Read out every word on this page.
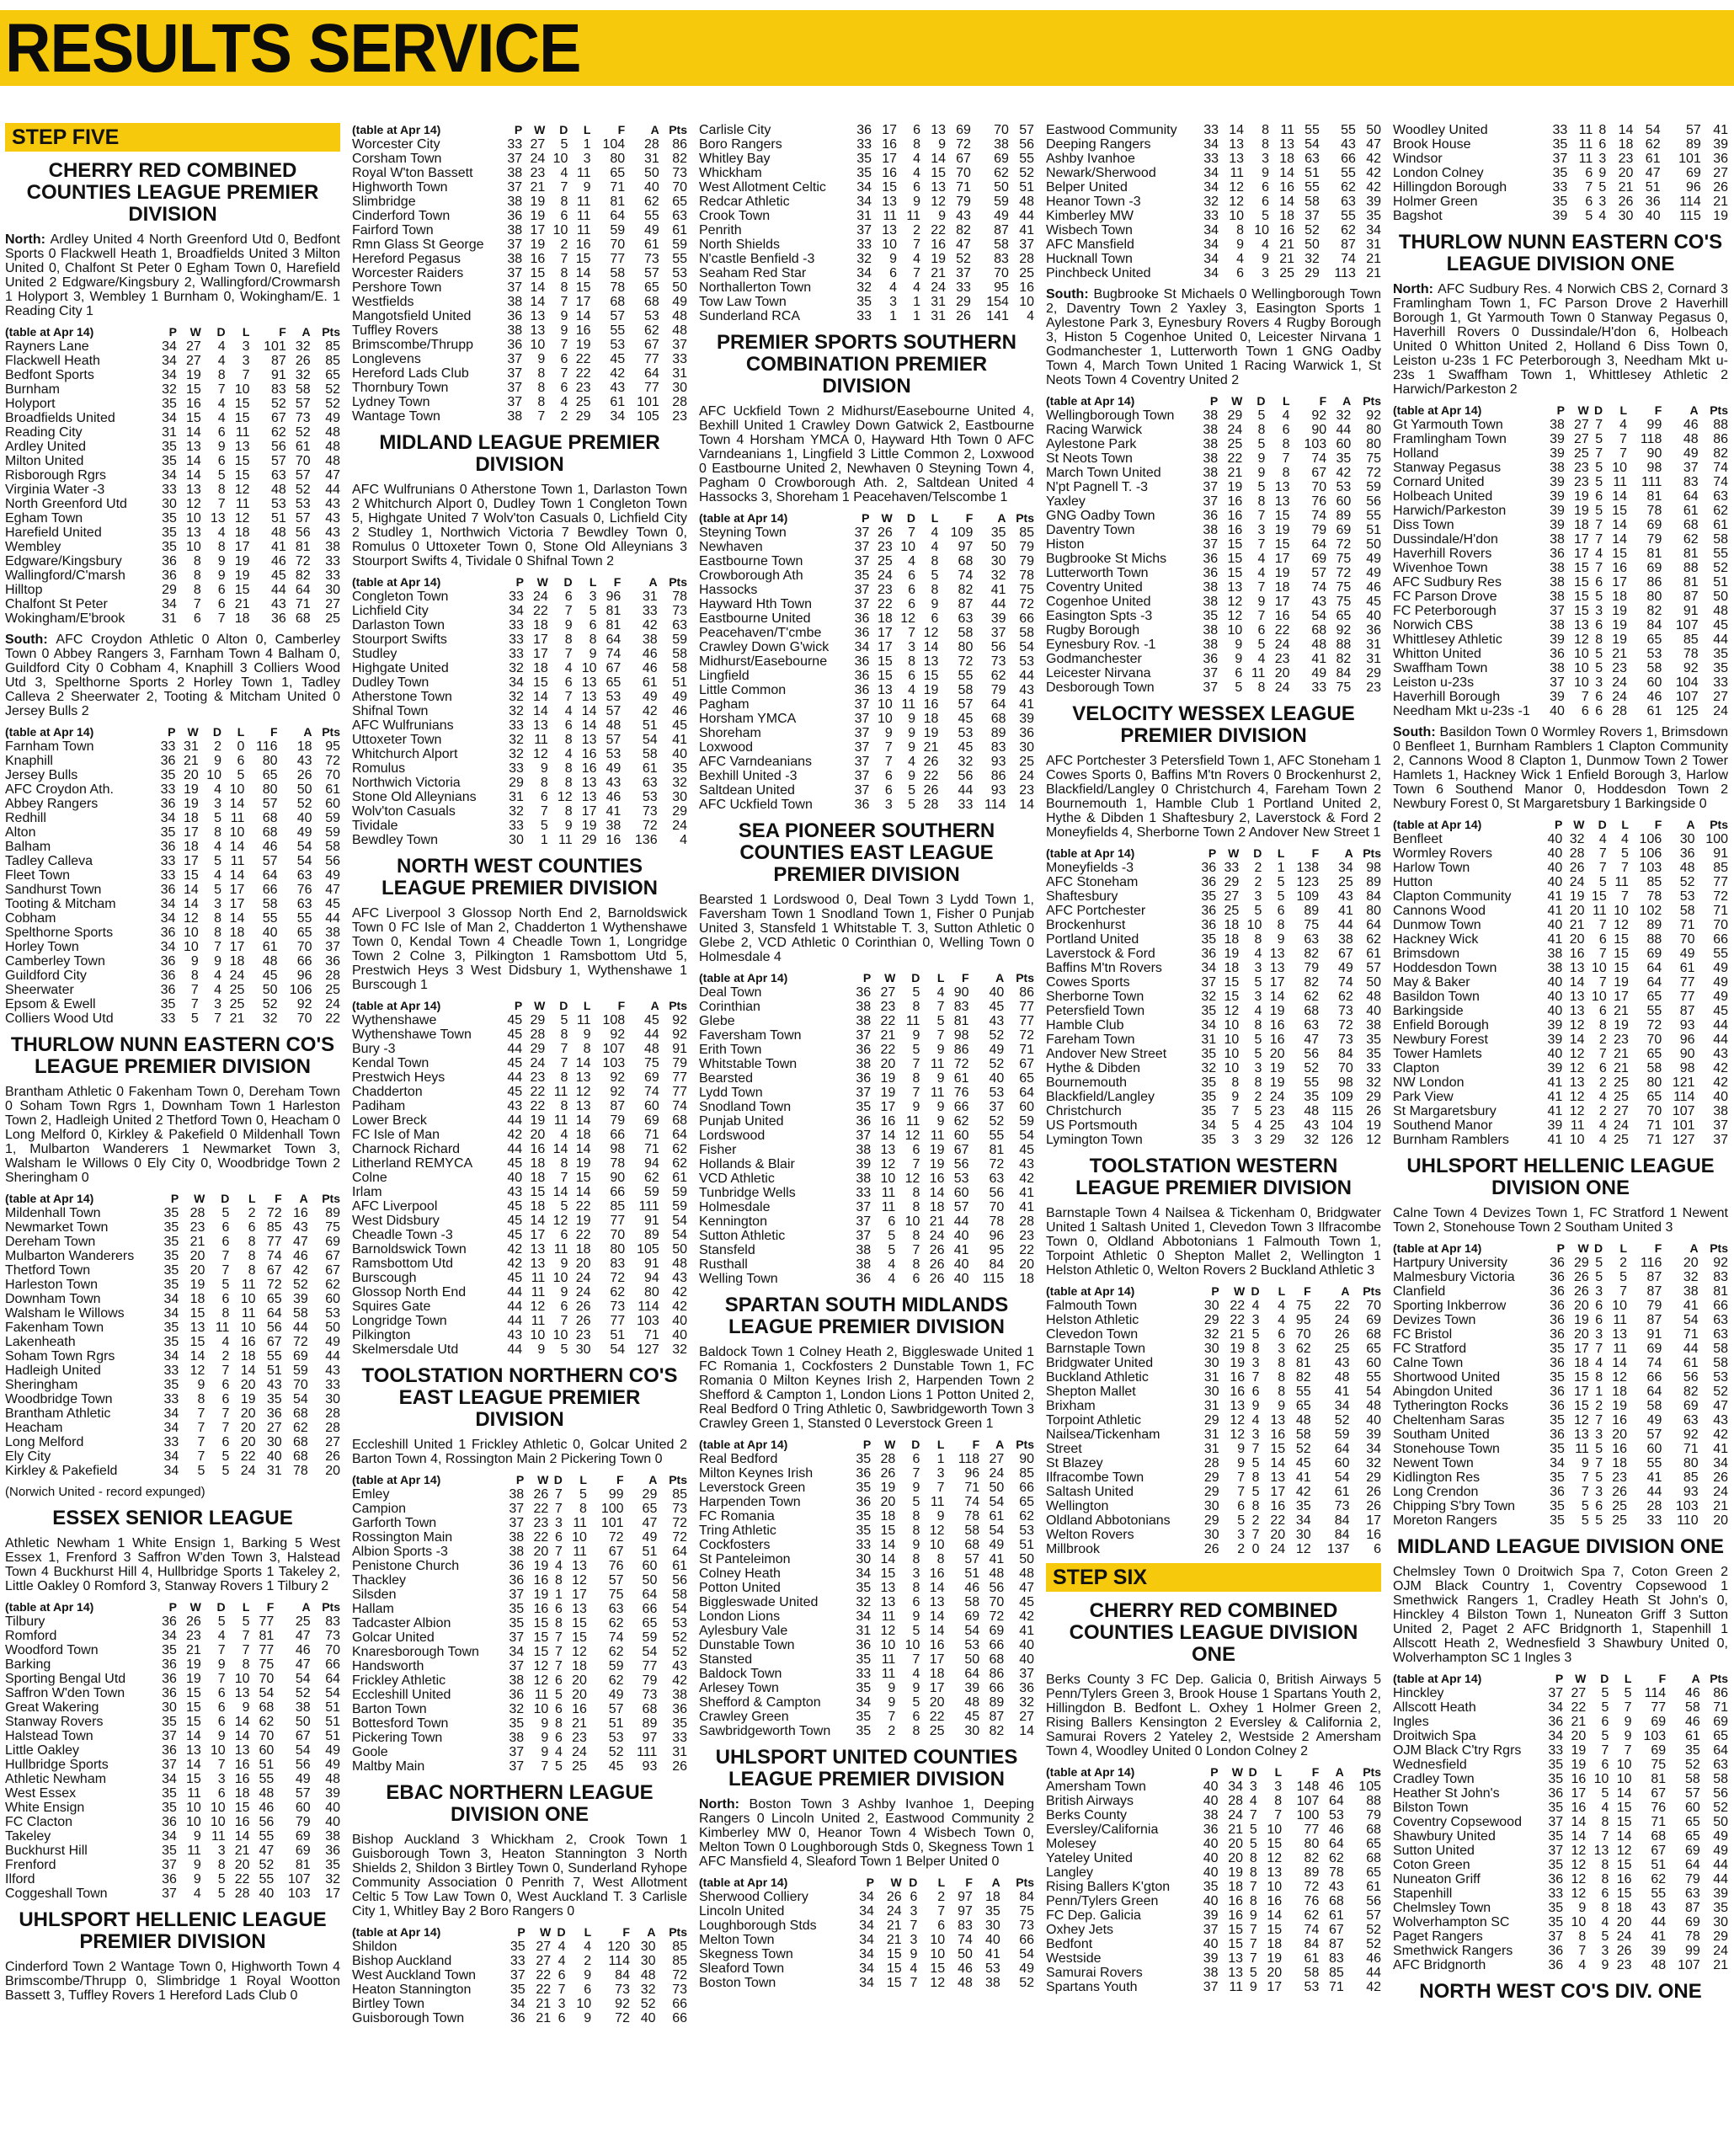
RESULTS SERVICE
STEP FIVE
CHERRY RED COMBINED COUNTIES LEAGUE PREMIER DIVISION
North: Ardley United 4 North Greenford Utd 0, Bedfont Sports 0 Flackwell Heath 1, Broadfields United 3 Milton United 0, Chalfont St Peter 0 Egham Town 0, Harefield United 2 Edgware/Kingsbury 2, Wallingford/Crowmarsh 1 Holyport 3, Wembley 1 Burnham 0, Wokingham/E. 1 Reading City 1
(table at Apr 14)	P	W	D	L	F	A	Pts
Rayners Lane	34	27	4	3	101	32	85
Flackwell Heath	34	27	4	3	87	26	85
Bedfont Sports	34	19	8	7	91	32	65
Burnham	32	15	7	10	83	58	52
Holyport	35	16	4	15	52	57	52
Broadfields United	34	15	4	15	67	73	49
Reading City	31	14	6	11	62	52	48
Ardley United	35	13	9	13	56	61	48
Milton United	35	14	6	15	57	70	48
Risborough Rgrs	34	14	5	15	63	57	47
Virginia Water -3	33	13	8	12	48	52	44
North Greenford Utd	30	12	7	11	53	53	43
Egham Town	35	10	13	12	51	57	43
Harefield United	35	13	4	18	48	56	43
Wembley	35	10	8	17	41	81	38
Edgware/Kingsbury	36	8	9	19	46	72	33
Wallingford/C'marsh	36	8	9	19	45	82	33
Hilltop	29	8	6	15	44	64	30
Chalfont St Peter	34	7	6	21	43	71	27
Wokingham/E'brook	31	6	7	18	36	68	25
South: AFC Croydon Athletic 0 Alton 0, Camberley Town 0 Abbey Rangers 3, Farnham Town 4 Balham 0, Guildford City 0 Cobham 4, Knaphill 3 Colliers Wood Utd 3, Spelthorne Sports 2 Horley Town 1, Tadley Calleva 2 Sheerwater 2, Tooting & Mitcham United 0 Jersey Bulls 2
(table at Apr 14)	P	W	D	L	F	A	Pts
Farnham Town	33	31	2	0	116	18	95
Knaphill	36	21	9	6	80	43	72
Jersey Bulls	35	20	10	5	65	26	70
AFC Croydon Ath.	33	19	4	10	80	50	61
Abbey Rangers	36	19	3	14	57	52	60
Redhill	34	18	5	11	68	40	59
Alton	35	17	8	10	68	49	59
Balham	36	18	4	14	46	54	58
Tadley Calleva	33	17	5	11	57	54	56
Fleet Town	33	15	4	14	64	63	49
Sandhurst Town	36	14	5	17	66	76	47
Tooting & Mitcham	34	14	3	17	58	63	45
Cobham	34	12	8	14	55	55	44
Spelthorne Sports	36	10	8	18	40	65	38
Horley Town	34	10	7	17	61	70	37
Camberley Town	36	9	9	18	48	66	36
Guildford City	36	8	4	24	45	96	28
Sheerwater	36	7	4	25	50	106	25
Epsom & Ewell	35	7	3	25	52	92	24
Colliers Wood Utd	33	5	7	21	32	70	22
THURLOW NUNN EASTERN CO'S LEAGUE PREMIER DIVISION
Brantham Athletic 0 Fakenham Town 0, Dereham Town 0 Soham Town Rgrs 1, Downham Town 1 Harleston Town 2, Hadleigh United 2 Thetford Town 0, Heacham 0 Long Melford 0, Kirkley & Pakefield 0 Mildenhall Town 1, Mulbarton Wanderers 1 Newmarket Town 3, Walsham le Willows 0 Ely City 0, Woodbridge Town 2 Sheringham 0
(table at Apr 14)	P	W	D	L	F	A	Pts
Mildenhall Town	35	28	5	2	72	16	89
Newmarket Town	35	23	6	6	85	43	75
Dereham Town	35	21	6	8	77	47	69
Mulbarton Wanderers	35	20	7	8	74	46	67
Thetford Town	35	20	7	8	67	42	67
Harleston Town	35	19	5	11	72	52	62
Downham Town	34	18	6	10	65	39	60
Walsham le Willows	34	15	8	11	64	58	53
Fakenham Town	35	13	11	10	56	44	50
Lakenheath	35	15	4	16	67	72	49
Soham Town Rgrs	34	14	2	18	55	69	44
Hadleigh United	33	12	7	14	51	59	43
Sheringham	35	9	6	20	43	70	33
Woodbridge Town	33	8	6	19	35	54	30
Brantham Athletic	34	7	7	20	36	68	28
Heacham	34	7	7	20	27	62	28
Long Melford	33	7	6	20	30	68	27
Ely City	34	7	5	22	40	68	26
Kirkley & Pakefield	34	5	5	24	31	78	20
(Norwich United - record expunged)
ESSEX SENIOR LEAGUE
Athletic Newham 1 White Ensign 1, Barking 5 West Essex 1, Frenford 3 Saffron W'den Town 3, Halstead Town 4 Buckhurst Hill 4, Hullbridge Sports 1 Takeley 2, Little Oakley 0 Romford 3, Stanway Rovers 1 Tilbury 2
(table at Apr 14)	P	W	D	L	F	A	Pts
Tilbury	36	26	5	5	77	25	83
Romford	34	23	4	7	81	47	73
Woodford Town	35	21	7	7	77	46	70
Barking	36	19	9	8	75	47	66
Sporting Bengal Utd	36	19	7	10	70	54	64
Saffron W'den Town	36	15	6	13	54	52	54
Great Wakering	30	15	6	9	68	38	51
Stanway Rovers	35	15	6	14	62	50	51
Halstead Town	37	14	9	14	70	67	51
Little Oakley	36	13	10	13	60	54	49
Hullbridge Sports	37	14	7	16	51	56	49
Athletic Newham	34	15	3	16	55	49	48
West Essex	35	11	6	18	48	57	39
White Ensign	35	10	10	15	46	60	40
FC Clacton	36	10	10	16	56	79	40
Takeley	34	9	11	14	55	69	38
Buckhurst Hill	35	11	3	21	47	69	36
Frenford	37	9	8	20	52	81	35
Ilford	36	9	5	22	55	107	32
Coggeshall Town	37	4	5	28	40	103	17
UHLSPORT HELLENIC LEAGUE PREMIER DIVISION
Cinderford Town 2 Wantage Town 0, Highworth Town 4 Brimscombe/Thrupp 0, Slimbridge 1 Royal Wootton Bassett 3, Tuffley Rovers 1 Hereford Lads Club 0
(table at Apr 14)	P	W	D	L	F	A	Pts
Worcester City	33	27	5	1	104	28	86
Corsham Town	37	24	10	3	80	31	82
Royal W'ton Bassett	38	23	4	11	65	50	73
Highworth Town	37	21	7	9	71	40	70
Slimbridge	38	19	8	11	81	62	65
Cinderford Town	36	19	6	11	64	55	63
Fairford Town	38	17	10	11	59	49	61
Rmn Glass St George	37	19	2	16	70	61	59
Hereford Pegasus	38	16	7	15	77	73	55
Worcester Raiders	37	15	8	14	58	57	53
Pershore Town	37	14	8	15	78	65	50
Westfields	38	14	7	17	68	68	49
Mangotsfield United	36	13	9	14	57	53	48
Tuffley Rovers	38	13	9	16	55	62	48
Brimscombe/Thrupp	36	10	7	19	53	67	37
Longlevens	37	9	6	22	45	77	33
Hereford Lads Club	37	8	7	22	42	64	31
Thornbury Town	37	8	6	23	43	77	30
Lydney Town	37	8	4	25	61	101	28
Wantage Town	38	7	2	29	34	105	23
MIDLAND LEAGUE PREMIER DIVISION
AFC Wulfrunians 0 Atherstone Town 1, Darlaston Town 2 Whitchurch Alport 0, Dudley Town 1 Congleton Town 5, Highgate United 7 Wolv'ton Casuals 0, Lichfield City 2 Studley 1, Northwich Victoria 7 Bewdley Town 0, Romulus 0 Uttoxeter Town 0, Stone Old Alleynians 3 Stourport Swifts 4, Tividale 0 Shifnal Town 2
(table at Apr 14)	P	W	D	L	F	A	Pts
Congleton Town	33	24	6	3	96	31	78
Lichfield City	34	22	7	5	81	33	73
Darlaston Town	33	18	9	6	81	42	63
Stourport Swifts	33	17	8	8	64	38	59
Studley	33	17	7	9	74	46	58
Highgate United	32	18	4	10	67	46	58
Dudley Town	34	15	6	13	65	61	51
Atherstone Town	32	14	7	13	53	49	49
Shifnal Town	32	14	4	14	57	42	46
AFC Wulfrunians	33	13	6	14	48	51	45
Uttoxeter Town	32	11	8	13	57	54	41
Whitchurch Alport	32	12	4	16	53	58	40
Romulus	33	9	8	16	49	61	35
Northwich Victoria	29	8	8	13	43	63	32
Stone Old Alleynians	31	6	12	13	46	53	30
Wolv'ton Casuals	32	7	8	17	41	73	29
Tividale	33	5	9	19	38	72	24
Bewdley Town	30	1	11	29	16	136	4
NORTH WEST COUNTIES LEAGUE PREMIER DIVISION
AFC Liverpool 3 Glossop North End 2, Barnoldswick Town 0 FC Isle of Man 2, Chadderton 1 Wythenshawe Town 0, Kendal Town 4 Cheadle Town 1, Longridge Town 2 Colne 3, Pilkington 1 Ramsbottom Utd 5, Prestwich Heys 3 West Didsbury 1, Wythenshawe 1 Burscough 1
(table at Apr 14)	P	W	D	L	F	A	Pts
Wythenshawe	45	29	5	11	108	45	92
Wythenshawe Town	45	28	8	9	92	44	92
Bury -3	44	29	7	8	107	48	91
Kendal Town	45	24	7	14	103	75	79
Prestwich Heys	44	23	8	13	92	69	77
Chadderton	45	22	11	12	92	74	77
Padiham	43	22	8	13	87	60	74
Lower Breck	44	19	11	14	79	69	68
FC Isle of Man	42	20	4	18	66	71	64
Charnock Richard	44	16	14	14	98	71	62
Litherland REMYCA	45	18	8	19	78	94	62
Colne	40	18	7	15	90	62	61
Irlam	43	15	14	14	66	59	59
AFC Liverpool	45	18	5	22	85	111	59
West Didsbury	45	14	12	19	77	91	54
Cheadle Town -3	45	17	6	22	70	89	54
Barnoldswick Town	42	13	11	18	80	105	50
Ramsbottom Utd	42	13	9	20	83	91	48
Burscough	45	11	10	24	72	94	43
Glossop North End	44	11	9	24	62	80	42
Squires Gate	44	12	6	26	73	114	42
Longridge Town	44	11	7	26	77	103	40
Pilkington	43	10	10	23	51	71	40
Skelmersdale Utd	44	9	5	30	54	127	32
TOOLSTATION NORTHERN CO'S EAST LEAGUE PREMIER DIVISION
Eccleshill United 1 Frickley Athletic 0, Golcar United 2 Barton Town 4, Rossington Main 2 Pickering Town 0
(table at Apr 14)	P	W	D	L	F	A	Pts
Emley	38	26	7	5	99	29	85
Campion	37	22	7	8	100	65	73
Garforth Town	37	23	3	11	101	47	72
Rossington Main	38	22	6	10	72	49	72
Albion Sports -3	38	20	7	11	67	51	64
Penistone Church	36	19	4	13	76	60	61
Thackley	36	16	8	12	57	50	56
Silsden	37	19	1	17	75	64	58
Hallam	35	16	6	13	63	66	54
Tadcaster Albion	35	15	8	15	62	65	53
Golcar United	37	15	7	15	74	59	52
Knaresborough Town	34	15	7	12	62	54	52
Handsworth	37	12	7	18	59	77	43
Frickley Athletic	38	12	6	20	62	79	42
Eccleshill United	36	11	5	20	49	73	38
Barton Town	32	10	6	16	57	68	36
Bottesford Town	35	9	8	21	51	89	35
Pickering Town	38	9	6	23	53	97	33
Goole	37	9	4	24	52	111	31
Maltby Main	37	7	5	25	45	93	26
EBAC NORTHERN LEAGUE DIVISION ONE
Bishop Auckland 3 Whickham 2, Crook Town 1 Guisborough Town 3, Heaton Stannington 3 North Shields 2, Shildon 3 Birtley Town 0, Sunderland Ryhope Community Association 0 Penrith 7, West Allotment Celtic 5 Tow Law Town 0, West Auckland T. 3 Carlisle City 1, Whitley Bay 2 Boro Rangers 0
(table at Apr 14)	P	W	D	L	F	A	Pts
Shildon	35	27	4	4	120	30	85
Bishop Auckland	33	27	4	2	114	30	85
West Auckland Town	37	22	6	9	84	48	72
Heaton Stannington	35	22	7	6	73	32	73
Birtley Town	34	21	3	10	92	52	66
Guisborough Town	36	21	6	9	72	40	66
Carlisle City	36	17	6	13	69	70	57
Boro Rangers	33	16	8	9	72	38	56
Whitley Bay	35	17	4	14	67	69	55
Whickham	35	16	4	15	70	62	52
West Allotment Celtic	34	15	6	13	71	50	51
Redcar Athletic	34	13	9	12	79	59	48
Crook Town	31	11	11	9	43	49	44
Penrith	37	13	2	22	82	87	41
North Shields	33	10	7	16	47	58	37
N'castle Benfield -3	32	9	4	19	52	83	28
Seaham Red Star	34	6	7	21	37	70	25
Northallerton Town	32	4	4	24	33	95	16
Tow Law Town	35	3	1	31	29	154	10
Sunderland RCA	33	1	1	31	26	141	4
PREMIER SPORTS SOUTHERN COMBINATION PREMIER DIVISION
AFC Uckfield Town 2 Midhurst/Easebourne United 4, Bexhill United 1 Crawley Down Gatwick 2, Eastbourne Town 4 Horsham YMCA 0, Hayward Hth Town 0 AFC Varndeanians 1, Lingfield 3 Little Common 2, Loxwood 0 Eastbourne United 2, Newhaven 0 Steyning Town 4, Pagham 0 Crowborough Ath. 2, Saltdean United 4 Hassocks 3, Shoreham 1 Peacehaven/Telscombe 1
(table at Apr 14)	P	W	D	L	F	A	Pts
Steyning Town	37	26	7	4	109	35	85
Newhaven	37	23	10	4	97	50	79
Eastbourne Town	37	25	4	8	68	30	79
Crowborough Ath	35	24	6	5	74	32	78
Hassocks	37	23	6	8	82	41	75
Hayward Hth Town	37	22	6	9	87	44	72
Eastbourne United	36	18	12	6	63	39	66
Peacehaven/T'cmbe	36	17	7	12	58	37	58
Crawley Down G'wick	34	17	3	14	80	56	54
Midhurst/Easebourne	36	15	8	13	72	73	53
Lingfield	36	15	6	15	55	62	44
Little Common	36	13	4	19	58	79	43
Pagham	37	10	11	16	57	64	41
Horsham YMCA	37	10	9	18	45	68	39
Shoreham	37	9	9	19	53	89	36
Loxwood	37	7	9	21	45	83	30
AFC Varndeanians	37	7	4	26	32	93	25
Bexhill United -3	37	6	9	22	56	86	24
Saltdean United	37	6	5	26	44	93	23
AFC Uckfield Town	36	3	5	28	33	114	14
SEA PIONEER SOUTHERN COUNTIES EAST LEAGUE PREMIER DIVISION
Bearsted 1 Lordswood 0, Deal Town 3 Lydd Town 1, Faversham Town 1 Snodland Town 1, Fisher 0 Punjab United 3, Stansfeld 1 Whitstable T. 3, Sutton Athletic 0 Glebe 2, VCD Athletic 0 Corinthian 0, Welling Town 0 Holmesdale 4
(table at Apr 14)	P	W	D	L	F	A	Pts
Deal Town	36	27	5	4	90	40	86
Corinthian	38	23	8	7	83	45	77
Glebe	38	22	11	5	81	43	77
Faversham Town	37	21	9	7	98	52	72
Erith Town	36	22	5	9	86	49	71
Whitstable Town	38	20	7	11	72	52	67
Bearsted	36	19	8	9	61	40	65
Lydd Town	37	19	7	11	76	53	64
Snodland Town	35	17	9	9	66	37	60
Punjab United	36	16	11	9	62	52	59
Lordswood	37	14	12	11	60	55	54
Fisher	38	13	6	19	67	81	45
Hollands & Blair	39	12	7	19	56	72	43
VCD Athletic	38	10	12	16	53	63	42
Tunbridge Wells	33	11	8	14	60	56	41
Holmesdale	37	11	8	18	57	70	41
Kennington	37	6	10	21	44	78	28
Sutton Athletic	37	5	8	24	40	96	23
Stansfeld	38	5	7	26	41	95	22
Rusthall	38	4	8	26	40	84	20
Welling Town	36	4	6	26	40	115	18
SPARTAN SOUTH MIDLANDS LEAGUE PREMIER DIVISION
Baldock Town 1 Colney Heath 2, Biggleswade United 1 FC Romania 1, Cockfosters 2 Dunstable Town 1, FC Romania 0 Milton Keynes Irish 2, Harpenden Town 2 Shefford & Campton 1, London Lions 1 Potton United 2, Real Bedford 0 Tring Athletic 0, Sawbridgeworth Town 3 Crawley Green 1, Stansted 0 Leverstock Green 1
(table at Apr 14)	P	W	D	L	F	A	Pts
Real Bedford	35	28	6	1	118	27	90
Milton Keynes Irish	36	26	7	3	96	24	85
Leverstock Green	35	19	9	7	71	50	66
Harpenden Town	36	20	5	11	74	54	65
FC Romania	35	18	8	9	78	61	62
Tring Athletic	35	15	8	12	58	54	53
Cockfosters	33	14	9	10	68	49	51
St Panteleimon	30	14	8	8	57	41	50
Colney Heath	34	15	3	16	51	48	48
Potton United	35	13	8	14	46	56	47
Biggleswade United	32	13	6	13	58	70	45
London Lions	34	11	9	14	69	72	42
Aylesbury Vale	31	12	5	14	54	69	41
Dunstable Town	36	10	10	16	53	66	40
Stansted	35	11	7	17	50	68	40
Baldock Town	33	11	4	18	64	86	37
Arlesey Town	35	9	9	17	39	66	36
Shefford & Campton	34	9	5	20	48	89	32
Crawley Green	35	7	6	22	45	87	27
Sawbridgeworth Town	35	2	8	25	30	82	14
UHLSPORT UNITED COUNTIES LEAGUE PREMIER DIVISION
North: Boston Town 3 Ashby Ivanhoe 1, Deeping Rangers 0 Lincoln United 2, Eastwood Community 2 Kimberley MW 0, Heanor Town 4 Wisbech Town 0, Melton Town 0 Loughborough Stds 0, Skegness Town 1 AFC Mansfield 4, Sleaford Town 1 Belper United 0
(table at Apr 14)	P	W	D	L	F	A	Pts
Sherwood Colliery	34	26	6	2	97	18	84
Lincoln United	34	24	3	7	97	35	75
Loughborough Stds	34	21	7	6	83	30	73
Melton Town	34	21	3	10	74	40	66
Skegness Town	34	15	9	10	50	41	54
Sleaford Town	34	15	4	15	46	53	49
Boston Town	34	15	7	12	48	38	52
Eastwood Community	33	14	8	11	55	55	50
Deeping Rangers	34	13	8	13	54	43	47
Ashby Ivanhoe	33	13	3	18	63	66	42
Newark/Sherwood	34	11	9	14	51	55	42
Belper United	34	12	6	16	55	62	42
Heanor Town -3	32	12	6	14	58	63	39
Kimberley MW	33	10	5	18	37	55	35
Wisbech Town	34	8	10	16	52	62	34
AFC Mansfield	34	9	4	21	50	87	31
Hucknall Town	34	4	9	21	32	74	21
Pinchbeck United	34	6	3	25	29	113	21
South: Bugbrooke St Michaels 0 Wellingborough Town 2, Daventry Town 2 Yaxley 3, Easington Sports 1 Aylestone Park 3, Eynesbury Rovers 4 Rugby Borough 3, Histon 5 Cogenhoe United 0, Leicester Nirvana 1 Godmanchester 1, Lutterworth Town 1 GNG Oadby Town 4, March Town United 1 Racing Warwick 1, St Neots Town 4 Coventry United 2
(table at Apr 14)	P	W	D	L	F	A	Pts
Wellingborough Town	38	29	5	4	92	32	92
Racing Warwick	38	24	8	6	90	44	80
Aylestone Park	38	25	5	8	103	60	80
St Neots Town	38	22	9	7	74	35	75
March Town United	38	21	9	8	67	42	72
N'pt Pagnell T. -3	37	19	5	13	70	53	59
Yaxley	37	16	8	13	76	60	56
GNG Oadby Town	36	16	7	15	74	89	55
Daventry Town	38	16	3	19	79	69	51
Histon	37	15	7	15	64	72	50
Bugbrooke St Michs	36	15	4	17	69	75	49
Lutterworth Town	36	15	4	19	57	72	49
Coventry United	38	13	7	18	74	75	46
Cogenhoe United	38	12	9	17	43	75	45
Easington Spts -3	35	12	7	16	54	65	40
Rugby Borough	38	10	6	22	68	92	36
Eynesbury Rov. -1	38	9	5	24	48	88	31
Godmanchester	36	9	4	23	41	82	31
Leicester Nirvana	37	6	11	20	49	84	29
Desborough Town	37	5	8	24	33	75	23
VELOCITY WESSEX LEAGUE PREMIER DIVISION
AFC Portchester 3 Petersfield Town 1, AFC Stoneham 1 Cowes Sports 0, Baffins M'tn Rovers 0 Brockenhurst 2, Blackfield/Langley 0 Christchurch 4, Fareham Town 2 Bournemouth 1, Hamble Club 1 Portland United 2, Hythe & Dibden 1 Shaftesbury 2, Laverstock & Ford 2 Moneyfields 4, Sherborne Town 2 Andover New Street 1
(table at Apr 14)	P	W	D	L	F	A	Pts
Moneyfields -3	36	33	2	1	138	34	98
AFC Stoneham	36	29	2	5	123	25	89
Shaftesbury	35	27	3	5	109	43	84
AFC Portchester	36	25	5	6	89	41	80
Brockenhurst	36	18	10	8	75	44	64
Portland United	35	18	8	9	63	38	62
Laverstock & Ford	36	19	4	13	82	67	61
Baffins M'tn Rovers	34	18	3	13	79	49	57
Cowes Sports	37	15	5	17	82	74	50
Sherborne Town	32	15	3	14	62	62	48
Petersfield Town	35	12	4	19	68	73	40
Hamble Club	34	10	8	16	63	72	38
Fareham Town	31	10	5	16	47	73	35
Andover New Street	35	10	5	20	56	84	35
Hythe & Dibden	32	10	3	19	52	70	33
Bournemouth	35	8	8	19	55	98	32
Blackfield/Langley	35	9	2	24	35	109	29
Christchurch	35	7	5	23	48	115	26
US Portsmouth	34	5	4	25	43	104	19
Lymington Town	35	3	3	29	32	126	12
TOOLSTATION WESTERN LEAGUE PREMIER DIVISION
Barnstaple Town 4 Nailsea & Tickenham 0, Bridgwater United 1 Saltash United 1, Clevedon Town 3 Ilfracombe Town 0, Oldland Abbotonians 1 Falmouth Town 1, Torpoint Athletic 0 Shepton Mallet 2, Wellington 1 Helston Athletic 0, Welton Rovers 2 Buckland Athletic 3
(table at Apr 14)	P	W	D	L	F	A	Pts
Falmouth Town	30	22	4	4	75	22	70
Helston Athletic	29	22	3	4	95	24	69
Clevedon Town	32	21	5	6	70	26	68
Barnstaple Town	30	19	8	3	62	25	65
Bridgwater United	30	19	3	8	81	43	60
Buckland Athletic	31	16	7	8	82	48	55
Shepton Mallet	30	16	6	8	55	41	54
Brixham	31	13	9	9	65	34	48
Torpoint Athletic	29	12	4	13	48	52	40
Nailsea/Tickenham	31	12	3	16	58	59	39
Street	31	9	7	15	52	64	34
St Blazey	28	9	5	14	45	60	32
Ilfracombe Town	29	7	8	13	41	54	29
Saltash United	29	7	5	17	42	61	26
Wellington	30	6	8	16	35	73	26
Oldland Abbotonians	29	5	2	22	34	84	17
Welton Rovers	30	3	7	20	30	84	16
Millbrook	26	2	0	24	12	137	6
STEP SIX
CHERRY RED COMBINED COUNTIES LEAGUE DIVISION ONE
Berks County 3 FC Dep. Galicia 0, British Airways 5 Penn/Tylers Green 3, Brook House 1 Spartans Youth 2, Hillingdon B. Bedfont L. Oxhey 1 Holmer Green 2, Rising Ballers Kensington 2 Eversley & California 2, Samurai Rovers 2 Yateley 2, Westside 2 Amersham Town 4, Woodley United 0 London Colney 2
(table at Apr 14)	P	W	D	L	F	A	Pts
Amersham Town	40	34	3	3	148	46	105
British Airways	40	28	4	8	107	64	88
Berks County	38	24	7	7	100	53	79
Eversley/California	36	21	5	10	77	46	68
Molesey	40	20	5	15	80	64	65
Yateley United	40	20	8	12	82	62	68
Langley	40	19	8	13	89	78	65
Rising Ballers K'gton	35	18	7	10	72	43	61
Penn/Tylers Green	40	16	8	16	76	68	56
FC Dep. Galicia	39	16	9	14	62	61	57
Oxhey Jets	37	15	7	15	74	67	52
Bedfont	40	15	7	18	84	87	52
Westside	39	13	7	19	61	83	46
Samurai Rovers	38	13	5	20	58	85	44
Spartans Youth	37	11	9	17	53	71	42
Woodley United	33	11	8	14	54	57	41
Brook House	35	11	6	18	62	89	39
Windsor	37	11	3	23	61	101	36
London Colney	35	6	9	20	47	69	27
Hillingdon Borough	33	7	5	21	51	96	26
Holmer Green	35	6	3	26	36	114	21
Bagshot	39	5	4	30	40	115	19
THURLOW NUNN EASTERN CO'S LEAGUE DIVISION ONE
North: AFC Sudbury Res. 4 Norwich CBS 2, Cornard 3 Framlingham Town 1, FC Parson Drove 2 Haverhill Borough 1, Gt Yarmouth Town 0 Stanway Pegasus 0, Haverhill Rovers 0 Dussindale/H'don 6, Holbeach United 0 Whitton United 2, Holland 6 Diss Town 0, Leiston u-23s 1 FC Peterborough 3, Needham Mkt u-23s 1 Swaffham Town 1, Whittlesey Athletic 2 Harwich/Parkeston 2
(table at Apr 14)	P	W	D	L	F	A	Pts
Gt Yarmouth Town	38	27	7	4	99	46	88
Framlingham Town	39	27	5	7	118	48	86
Holland	39	25	7	7	90	49	82
Stanway Pegasus	38	23	5	10	98	37	74
Cornard United	39	23	5	11	111	83	74
Holbeach United	39	19	6	14	81	64	63
Harwich/Parkeston	39	19	5	15	78	61	62
Diss Town	39	18	7	14	69	68	61
Dussindale/H'don	38	17	7	14	79	62	58
Haverhill Rovers	36	17	4	15	81	81	55
Wivenhoe Town	38	15	7	16	69	88	52
AFC Sudbury Res	38	15	6	17	86	81	51
FC Parson Drove	38	15	5	18	80	87	50
FC Peterborough	37	15	3	19	82	91	48
Norwich CBS	38	13	6	19	84	107	45
Whittlesey Athletic	39	12	8	19	65	85	44
Whitton United	36	10	5	21	53	78	35
Swaffham Town	38	10	5	23	58	92	35
Leiston u-23s	37	10	3	24	60	104	33
Haverhill Borough	39	7	6	24	46	107	27
Needham Mkt u-23s -1	40	6	6	28	61	125	24
South: Basildon Town 0 Wormley Rovers 1, Brimsdown 0 Benfleet 1, Burnham Ramblers 1 Clapton Community 2, Cannons Wood 8 Clapton 1, Dunmow Town 2 Tower Hamlets 1, Hackney Wick 1 Enfield Borough 3, Harlow Town 6 Southend Manor 0, Hoddesdon Town 2 Newbury Forest 0, St Margaretsbury 1 Barkingside 0
(table at Apr 14)	P	W	D	L	F	A	Pts
Benfleet	40	32	4	4	106	30	100
Wormley Rovers	40	28	7	5	106	36	91
Harlow Town	40	26	7	7	103	48	85
Hutton	40	24	5	11	85	52	77
Clapton Community	41	19	15	7	78	53	72
Cannons Wood	41	20	11	10	102	58	71
Dunmow Town	40	21	7	12	89	71	70
Hackney Wick	41	20	6	15	88	70	66
Brimsdown	38	16	7	15	69	49	55
Hoddesdon Town	38	13	10	15	64	61	49
May & Baker	40	14	7	19	64	77	49
Basildon Town	40	13	10	17	65	77	49
Barkingside	40	13	6	21	55	87	45
Enfield Borough	39	12	8	19	72	93	44
Newbury Forest	39	14	2	23	70	96	44
Tower Hamlets	40	12	7	21	65	90	43
Clapton	39	12	6	21	58	98	42
NW London	41	13	2	25	80	121	42
Park View	41	12	4	25	65	114	40
St Margaretsbury	41	12	2	27	70	107	38
Southend Manor	39	11	4	24	71	101	37
Burnham Ramblers	41	10	4	25	71	127	37
UHLSPORT HELLENIC LEAGUE DIVISION ONE
Calne Town 4 Devizes Town 1, FC Stratford 1 Newent Town 2, Stonehouse Town 2 Southam United 3
(table at Apr 14)	P	W	D	L	F	A	Pts
Hartpury University	36	29	5	2	116	20	92
Malmesbury Victoria	36	26	5	5	87	32	83
Clanfield	36	26	3	7	87	38	81
Sporting Inkberrow	36	20	6	10	79	41	66
Devizes Town	36	19	6	11	87	54	63
FC Bristol	36	20	3	13	91	71	63
FC Stratford	35	17	7	11	69	44	58
Calne Town	36	18	4	14	74	61	58
Shortwood United	35	15	8	12	66	56	53
Abingdon United	36	17	1	18	64	82	52
Tytherington Rocks	36	15	2	19	58	69	47
Cheltenham Saras	35	12	7	16	49	63	43
Southam United	36	13	3	20	57	92	42
Stonehouse Town	35	11	5	16	60	71	41
Newent Town	34	9	7	18	55	80	34
Kidlington Res	35	7	5	23	41	85	26
Long Crendon	36	7	3	26	44	93	24
Chipping S'bry Town	35	5	6	25	28	103	21
Moreton Rangers	35	5	5	25	33	110	20
MIDLAND LEAGUE DIVISION ONE
Chelmsley Town 0 Droitwich Spa 7, Coton Green 2 OJM Black Country 1, Coventry Copsewood 1 Smethwick Rangers 1, Cradley Heath St John's 0, Hinckley 4 Bilston Town 1, Nuneaton Griff 3 Sutton United 2, Paget 2 AFC Bridgnorth 1, Stapenhill 1 Allscott Heath 2, Wednesfield 3 Shawbury United 0, Wolverhampton SC 1 Ingles 3
(table at Apr 14)	P	W	D	L	F	A	Pts
Hinckley	37	27	5	5	114	46	86
Allscott Heath	34	22	5	7	77	58	71
Ingles	36	21	6	9	69	46	69
Droitwich Spa	34	20	5	9	103	61	65
OJM Black C'try Rgrs	33	19	7	7	69	35	64
Wednesfield	35	19	6	10	75	52	63
Cradley Town	35	16	10	10	81	58	58
Heather St John's	36	17	5	14	67	57	56
Bilston Town	35	16	4	15	76	60	52
Coventry Copsewood	37	14	8	15	71	65	50
Shawbury United	35	14	7	14	68	65	49
Sutton United	37	12	13	12	67	69	49
Coton Green	35	12	8	15	51	64	44
Nuneaton Griff	36	12	8	16	62	79	44
Stapenhill	33	12	6	15	55	63	39
Chelmsley Town	35	9	8	18	43	87	35
Wolverhampton SC	35	10	4	20	44	69	30
Paget Rangers	37	8	5	24	41	78	29
Smethwick Rangers	36	7	3	26	39	99	24
AFC Bridgnorth	36	4	9	23	48	107	21
NORTH WEST CO'S DIV. ONE
